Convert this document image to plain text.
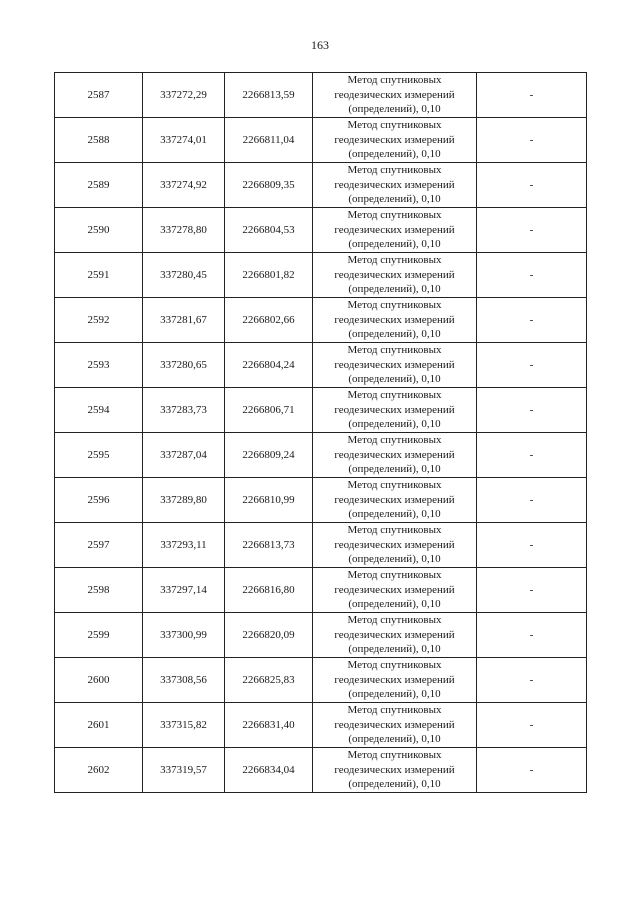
163
2587	337272,29	2266813,59	Метод спутниковых
геодезических измерений
(определений), 0,10	-
2588	337274,01	2266811,04	Метод спутниковых
геодезических измерений
(определений), 0,10	-
2589	337274,92	2266809,35	Метод спутниковых
геодезических измерений
(определений), 0,10	-
2590	337278,80	2266804,53	Метод спутниковых
геодезических измерений
(определений), 0,10	-
2591	337280,45	2266801,82	Метод спутниковых
геодезических измерений
(определений), 0,10	-
2592	337281,67	2266802,66	Метод спутниковых
геодезических измерений
(определений), 0,10	-
2593	337280,65	2266804,24	Метод спутниковых
геодезических измерений
(определений), 0,10	-
2594	337283,73	2266806,71	Метод спутниковых
геодезических измерений
(определений), 0,10	-
2595	337287,04	2266809,24	Метод спутниковых
геодезических измерений
(определений), 0,10	-
2596	337289,80	2266810,99	Метод спутниковых
геодезических измерений
(определений), 0,10	-
2597	337293,11	2266813,73	Метод спутниковых
геодезических измерений
(определений), 0,10	-
2598	337297,14	2266816,80	Метод спутниковых
геодезических измерений
(определений), 0,10	-
2599	337300,99	2266820,09	Метод спутниковых
геодезических измерений
(определений), 0,10	-
2600	337308,56	2266825,83	Метод спутниковых
геодезических измерений
(определений), 0,10	-
2601	337315,82	2266831,40	Метод спутниковых
геодезических измерений
(определений), 0,10	-
2602	337319,57	2266834,04	Метод спутниковых
геодезических измерений
(определений), 0,10	-
